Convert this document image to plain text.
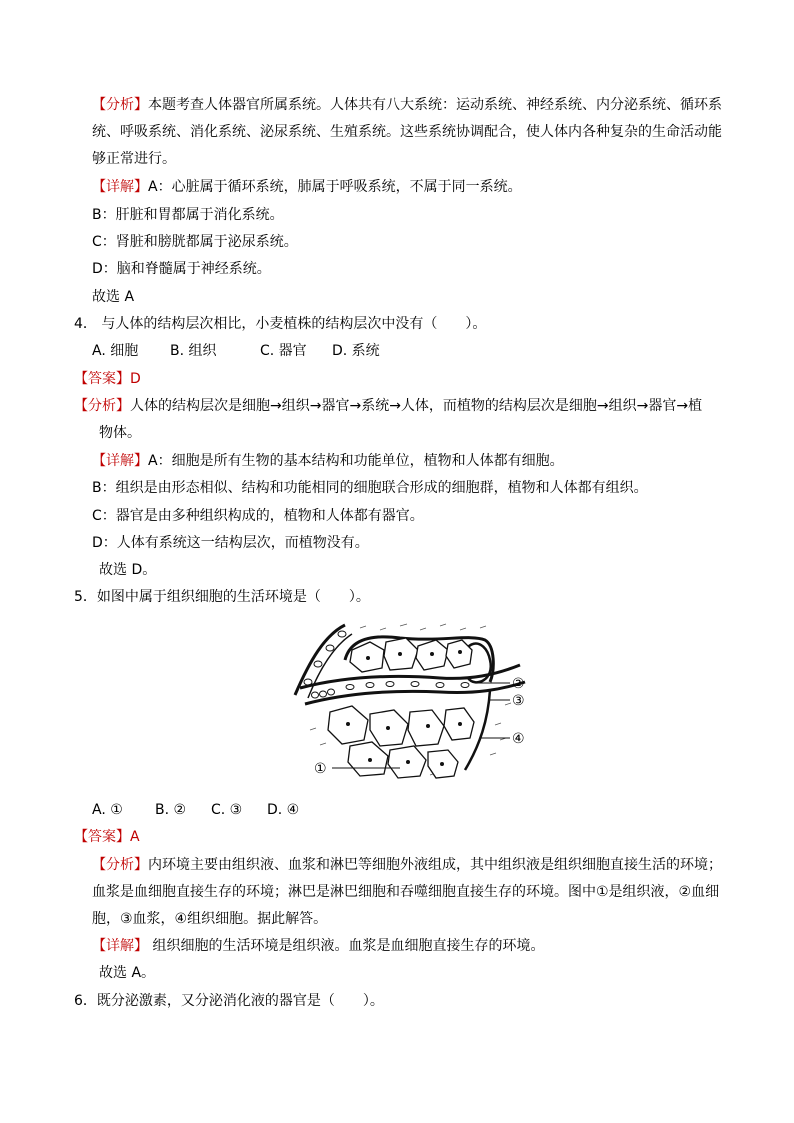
【分析】本题考查人体器官所属系统。人体共有八大系统：运动系统、神经系统、内分泌系统、循环系
统、呼吸系统、消化系统、泌尿系统、生殖系统。这些系统协调配合，使人体内各种复杂的生命活动能
够正常进行。
【详解】A：心脏属于循环系统，肺属于呼吸系统，不属于同一系统。
B：肝脏和胃都属于消化系统。
C：肾脏和膀胱都属于泌尿系统。
D：脑和脊髓属于神经系统。
故选 A
4． 与人体的结构层次相比，小麦植株的结构层次中没有（　　）。
A. 细胞 B. 组织	C. 器官 D. 系统
【答案】D
【分析】人体的结构层次是细胞→组织→器官→系统→人体，而植物的结构层次是细胞→组织→器官→植
物体。
【详解】A：细胞是所有生物的基本结构和功能单位，植物和人体都有细胞。
B：组织是由形态相似、结构和功能相同的细胞联合形成的细胞群，植物和人体都有组织。
C：器官是由多种组织构成的，植物和人体都有器官。
D：人体有系统这一结构层次，而植物没有。
故选 D。
5．如图中属于组织细胞的生活环境是（　　）。
②
③
④
①
A. ① B. ② C. ③ D. ④
【答案】A
【分析】内环境主要由组织液、血浆和淋巴等细胞外液组成，其中组织液是组织细胞直接生活的环境；
血浆是血细胞直接生存的环境；淋巴是淋巴细胞和吞噬细胞直接生存的环境。图中①是组织液，②血细
胞，③血浆，④组织细胞。据此解答。
【详解】 组织细胞的生活环境是组织液。血浆是血细胞直接生存的环境。
故选 A。
6．既分泌激素，又分泌消化液的器官是（　　）。
